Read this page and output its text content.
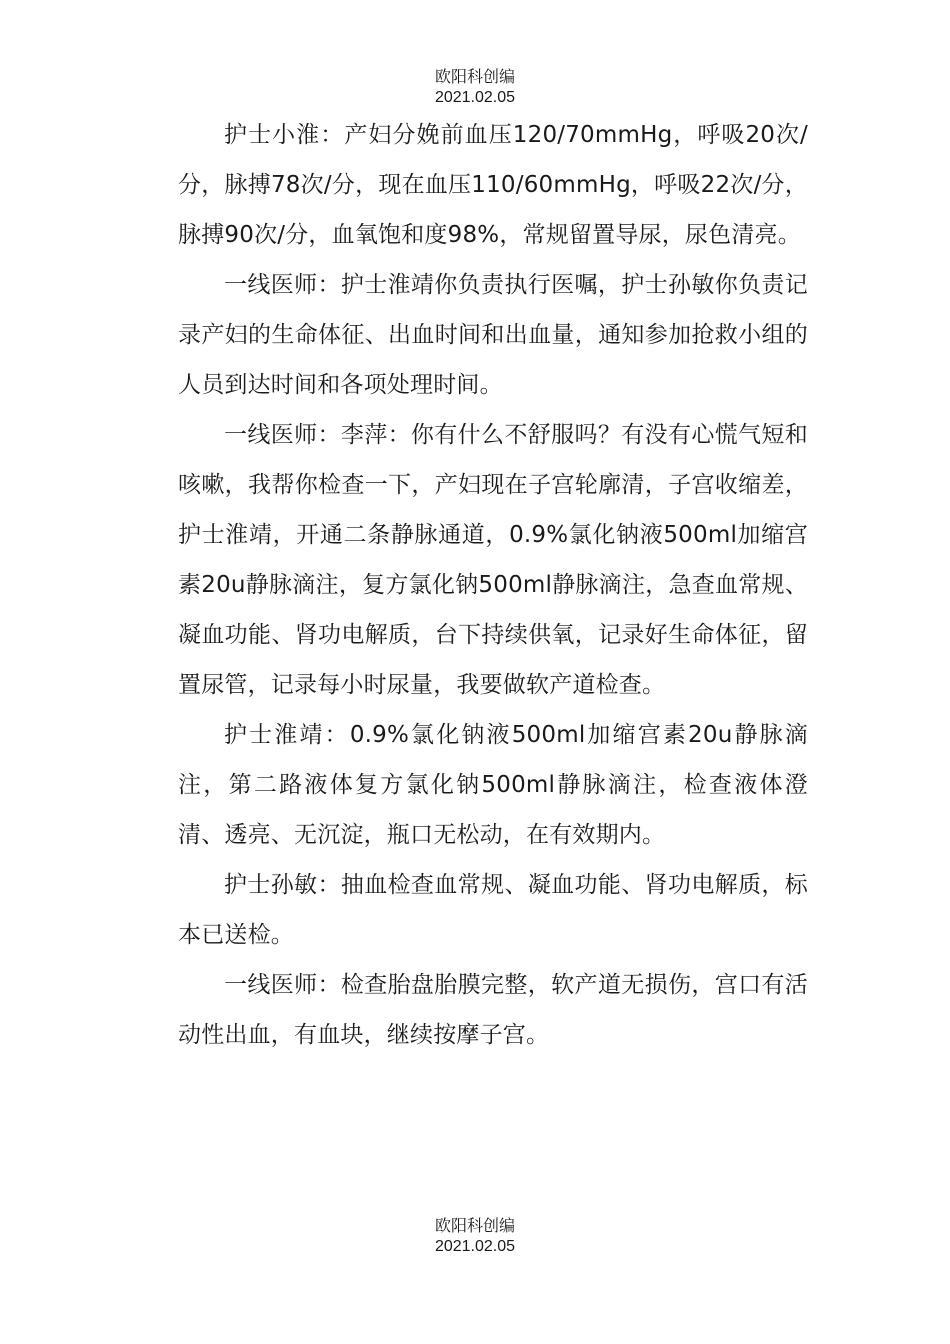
欧阳科创编
2021.02.05

护士小淮：产妇分娩前血压120/70mmHg，呼吸20次/分，脉搏78次/分，现在血压110/60mmHg，呼吸22次/分，脉搏90次/分，血氧饱和度98%，常规留置导尿，尿色清亮。

一线医师：护士淮靖你负责执行医嘱，护士孙敏你负责记录产妇的生命体征、出血时间和出血量，通知参加抢救小组的人员到达时间和各项处理时间。

一线医师：李萍：你有什么不舒服吗？有没有心慌气短和咳嗽，我帮你检查一下，产妇现在子宫轮廓清，子宫收缩差，护士淮靖，开通二条静脉通道，0.9%氯化钠液500ml加缩宫素20u静脉滴注，复方氯化钠500ml静脉滴注，急查血常规、凝血功能、肾功电解质，台下持续供氧，记录好生命体征，留置尿管，记录每小时尿量，我要做软产道检查。

护士淮靖：0.9%氯化钠液500ml加缩宫素20u静脉滴注，第二路液体复方氯化钠500ml静脉滴注，检查液体澄清、透亮、无沉淀，瓶口无松动，在有效期内。

护士孙敏：抽血检查血常规、凝血功能、肾功电解质，标本已送检。

一线医师：检查胎盘胎膜完整，软产道无损伤，宫口有活动性出血，有血块，继续按摩子宫。

欧阳科创编
2021.02.05
